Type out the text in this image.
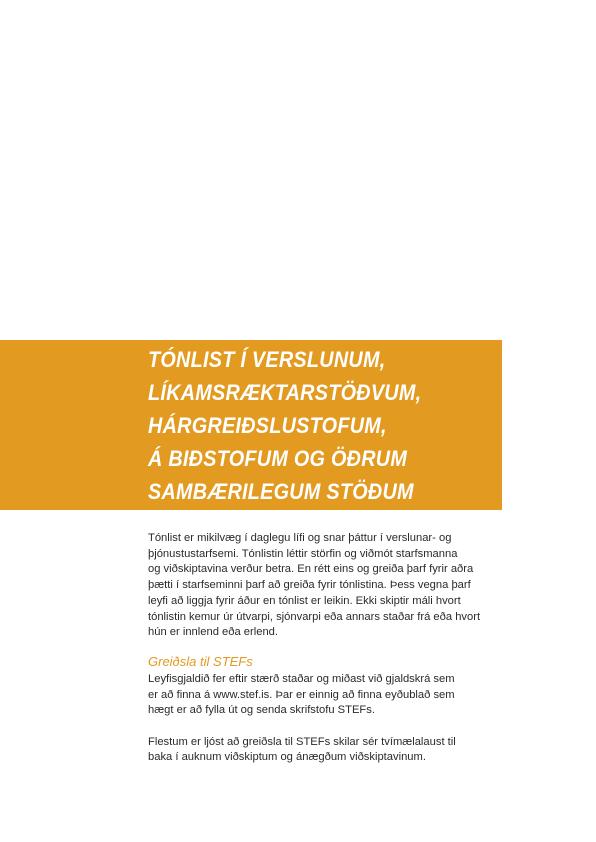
TÓNLIST Í VERSLUNUM,
LÍKAMSRÆKTARSTÖÐVUM,
HÁRGREIÐSLUSTOFUM,
Á BIÐSTOFUM OG ÖÐRUM
SAMBÆRILEGUM STÖÐUM

Tónlist er mikilvæg í daglegu lífi og snar þáttur í verslunar- og
þjónustustarfsemi. Tónlistin léttir störfin og viðmót starfsmanna
og viðskiptavina verður betra. En rétt eins og greiða þarf fyrir aðra
þætti í starfseminni þarf að greiða fyrir tónlistina. Þess vegna þarf
leyfi að liggja fyrir áður en tónlist er leikin. Ekki skiptir máli hvort
tónlistin kemur úr útvarpi, sjónvarpi eða annars staðar frá eða hvort
hún er innlend eða erlend.

Greiðsla til STEFs

Leyfisgjaldið fer eftir stærð staðar og miðast við gjaldskrá sem
er að finna á www.stef.is. Þar er einnig að finna eyðublað sem
hægt er að fylla út og senda skrifstofu STEFs.

Flestum er ljóst að greiðsla til STEFs skilar sér tvímælalaust til
baka í auknum viðskiptum og ánægðum viðskiptavinum.
